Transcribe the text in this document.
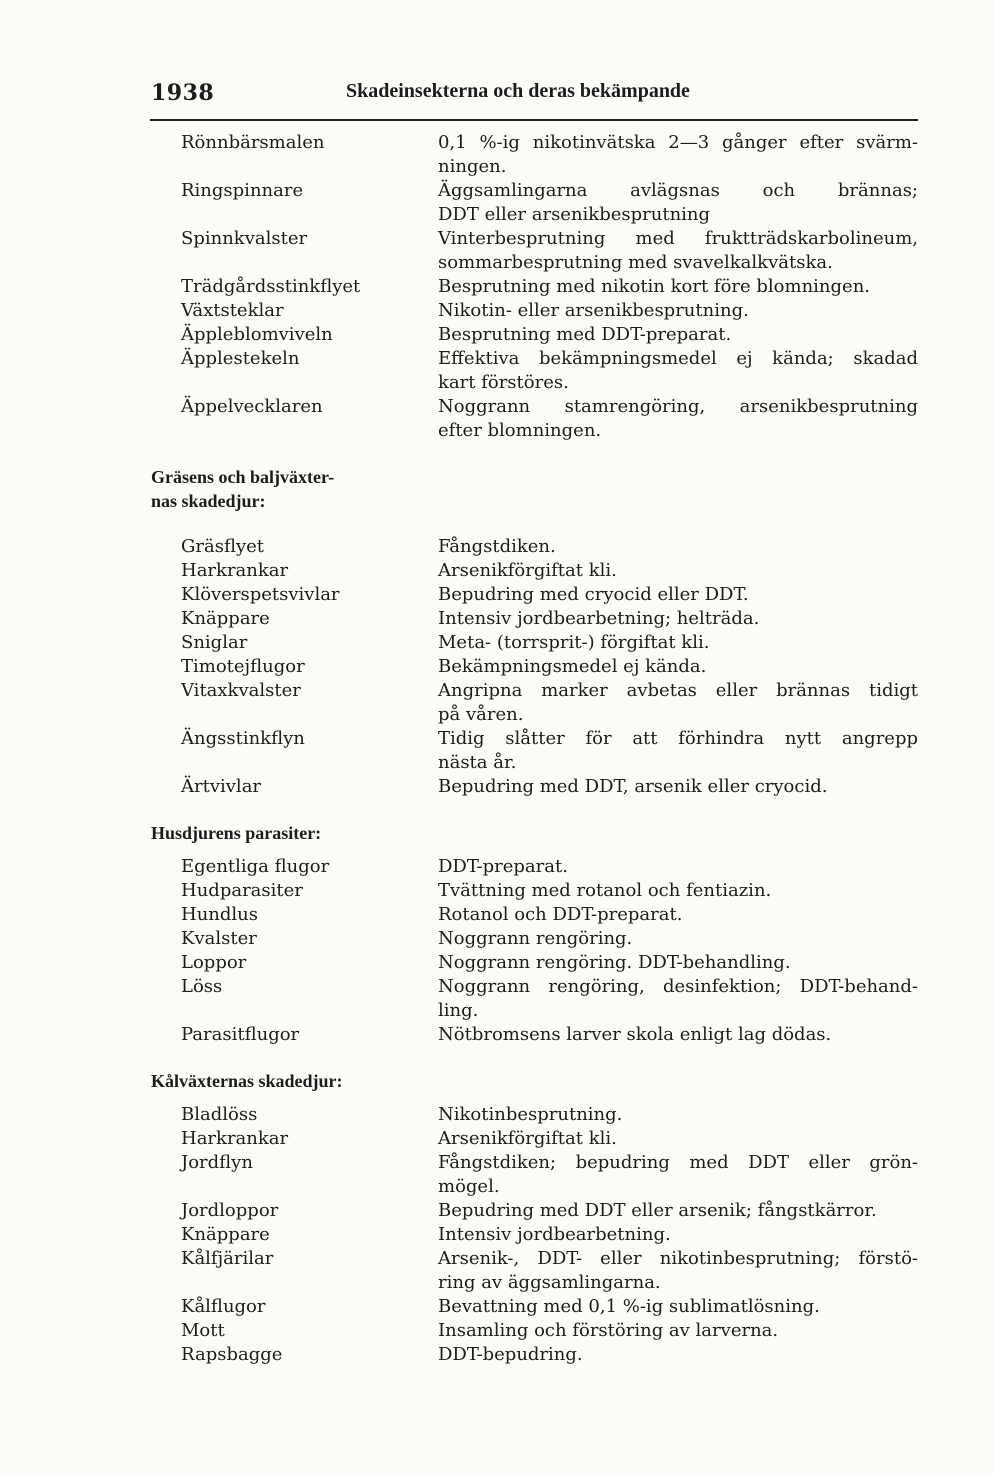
1938	Skadeinsekterna och deras bekämpande
Rönnbärsmalen	0,1 %-ig nikotinvätska 2—3 gånger efter svärm-
ningen.
Ringspinnare	Äggsamlingarna avlägsnas och brännas;
DDT eller arsenikbesprutning
Spinnkvalster	Vinterbesprutning med fruktträdskarbolineum,
sommarbesprutning med svavelkalkvätska.
Trädgårdsstinkflyet	Besprutning med nikotin kort före blomningen.
Växtsteklar	Nikotin- eller arsenikbesprutning.
Äppleblomviveln	Besprutning med DDT-preparat.
Äpplestekeln	Effektiva bekämpningsmedel ej kända; skadad
kart förstöres.
Äppelvecklaren	Noggrann stamrengöring, arsenikbesprutning
efter blomningen.
Gräsens och baljväxter-
nas skadedjur:
Gräsflyet	Fångstdiken.
Harkrankar	Arsenikförgiftat kli.
Klöverspetsvivlar	Bepudring med cryocid eller DDT.
Knäppare	Intensiv jordbearbetning; helträda.
Sniglar	Meta- (torrsprit-) förgiftat kli.
Timotejflugor	Bekämpningsmedel ej kända.
Vitaxkvalster	Angripna marker avbetas eller brännas tidigt
på våren.
Ängsstinkflyn	Tidig slåtter för att förhindra nytt angrepp
nästa år.
Ärtvivlar	Bepudring med DDT, arsenik eller cryocid.
Husdjurens parasiter:
Egentliga flugor	DDT-preparat.
Hudparasiter	Tvättning med rotanol och fentiazin.
Hundlus	Rotanol och DDT-preparat.
Kvalster	Noggrann rengöring.
Loppor	Noggrann rengöring. DDT-behandling.
Löss	Noggrann rengöring, desinfektion; DDT-behand-
ling.
Parasitflugor	Nötbromsens larver skola enligt lag dödas.
Kålväxternas skadedjur:
Bladlöss	Nikotinbesprutning.
Harkrankar	Arsenikförgiftat kli.
Jordflyn	Fångstdiken; bepudring med DDT eller grön-
mögel.
Jordloppor	Bepudring med DDT eller arsenik; fångstkärror.
Knäppare	Intensiv jordbearbetning.
Kålfjärilar	Arsenik-, DDT- eller nikotinbesprutning; förstö-
ring av äggsamlingarna.
Kålflugor	Bevattning med 0,1 %-ig sublimatlösning.
Mott	Insamling och förstöring av larverna.
Rapsbagge	DDT-bepudring.
